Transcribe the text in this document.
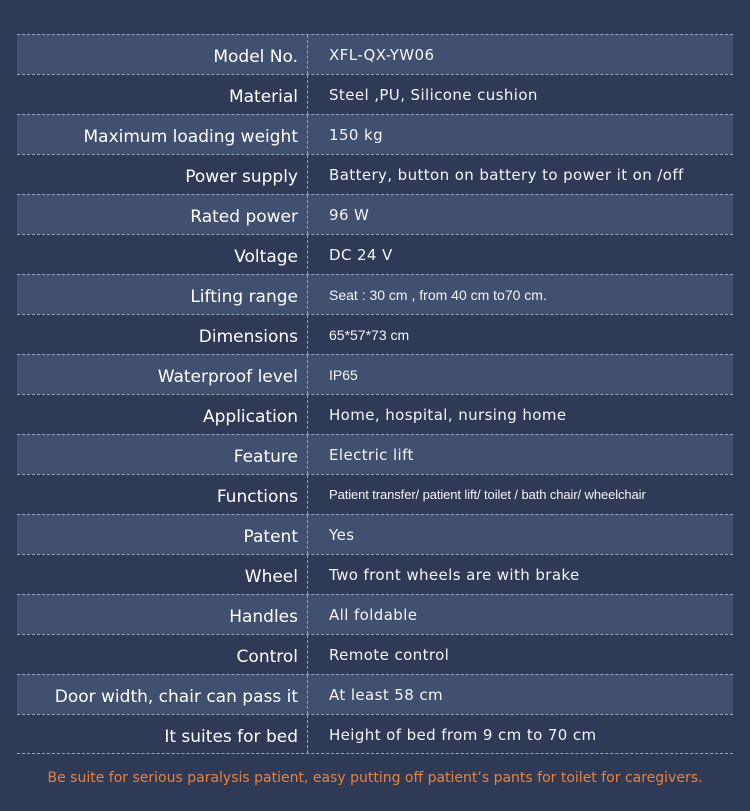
Model No.	XFL-QX-YW06
Material	Steel ,PU, Silicone cushion
Maximum loading weight	150 kg
Power supply	Battery, button on battery to power it on /off
Rated power	96 W
Voltage	DC 24 V
Lifting range	Seat : 30 cm , from 40 cm to70 cm.
Dimensions	65*57*73 cm
Waterproof level	IP65
Application	Home, hospital, nursing home
Feature	Electric lift
Functions	Patient transfer/ patient lift/ toilet / bath chair/ wheelchair
Patent	Yes
Wheel	Two front wheels are with brake
Handles	All foldable
Control	Remote control
Door width, chair can pass it	At least 58 cm
It suites for bed	Height of bed from 9 cm to 70 cm
Be suite for serious paralysis patient, easy putting off patient’s pants for toilet for caregivers.
